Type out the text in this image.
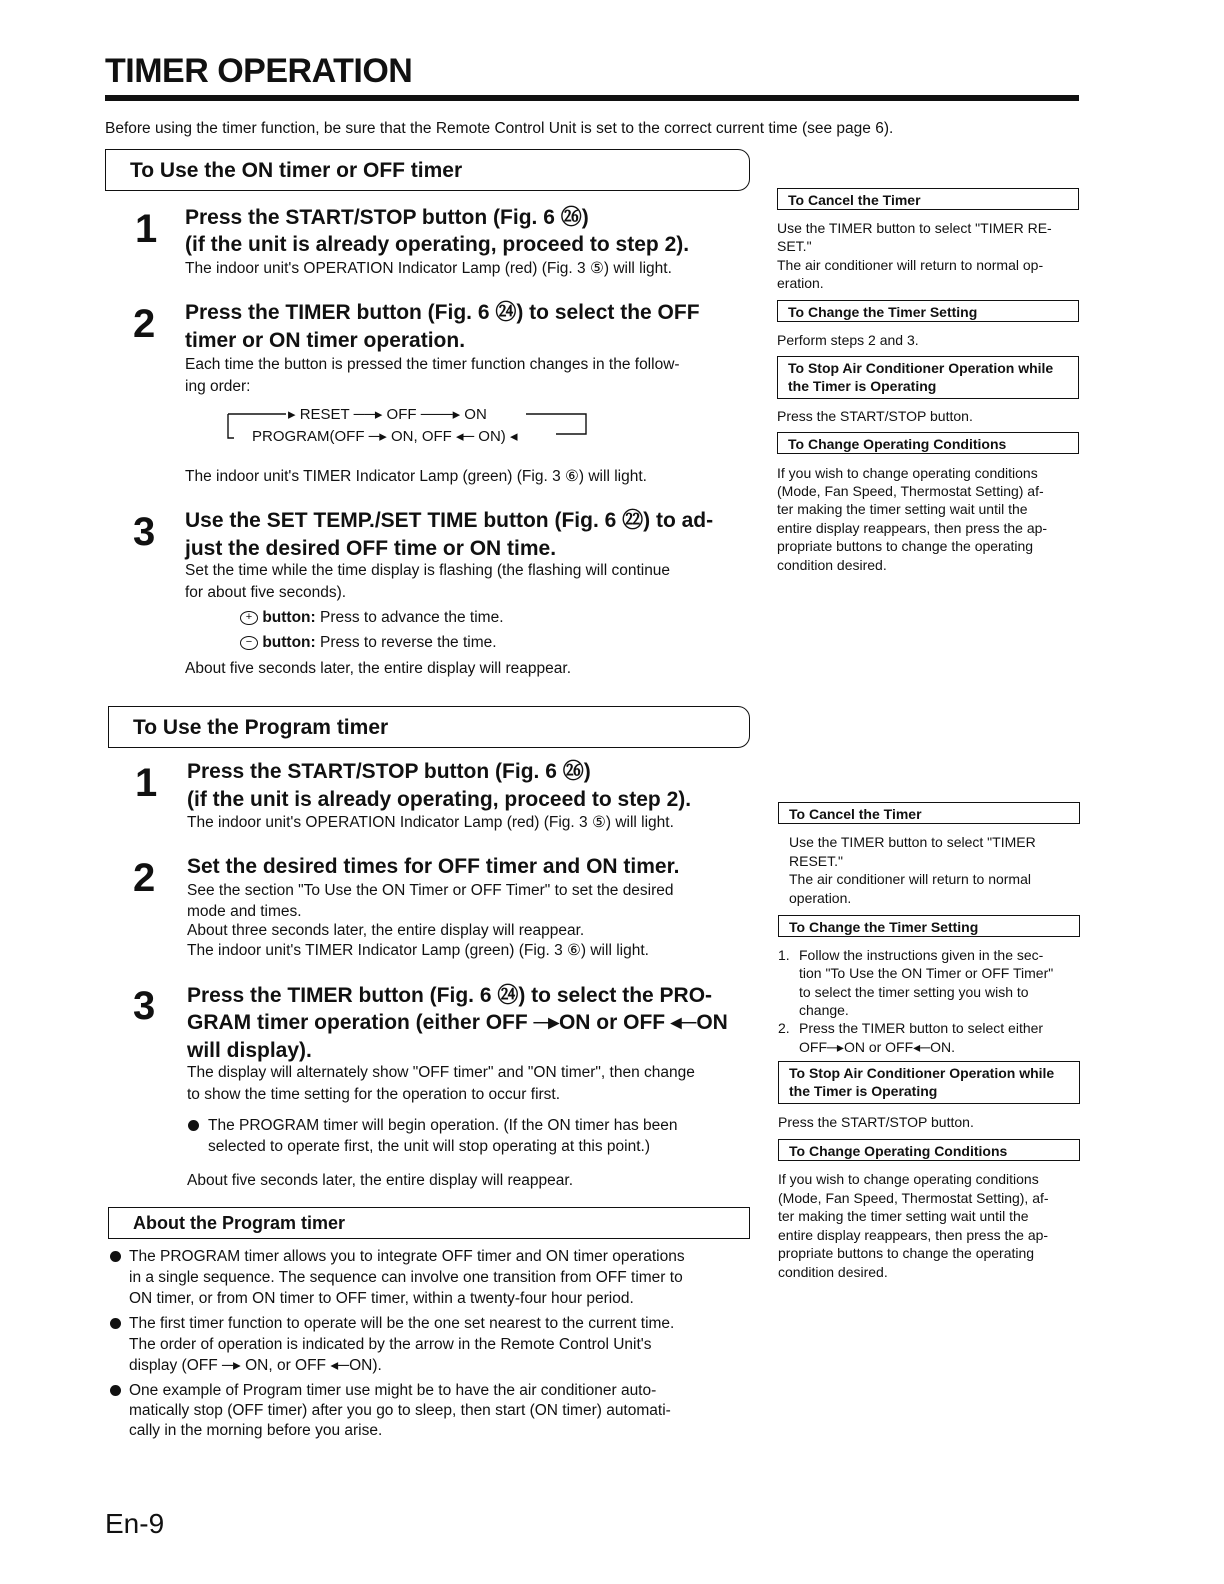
TIMER OPERATION
Before using the timer function, be sure that the Remote Control Unit is set to the correct current time (see page 6).
To Use the ON timer or OFF timer
1 Press the START/STOP button (Fig. 6 ㉖)
(if the unit is already operating, proceed to step 2).
The indoor unit's OPERATION Indicator Lamp (red) (Fig. 3 ⑤) will light.
2 Press the TIMER button (Fig. 6 ㉔) to select the OFF
timer or ON timer operation.
Each time the button is pressed the timer function changes in the follow-
ing order:
▸ RESET ──▸ OFF ───▸ ON
PROGRAM(OFF ─▸ ON, OFF ◂─ ON) ◂
The indoor unit's TIMER Indicator Lamp (green) (Fig. 3 ⑥) will light.
3 Use the SET TEMP./SET TIME button (Fig. 6 ㉒) to ad-
just the desired OFF time or ON time.
Set the time while the time display is flashing (the flashing will continue
for about five seconds).
+ button: Press to advance the time.
− button: Press to reverse the time.
About five seconds later, the entire display will reappear.
To Cancel the Timer
Use the TIMER button to select "TIMER RE-
SET."
The air conditioner will return to normal op-
eration.
To Change the Timer Setting
Perform steps 2 and 3.
To Stop Air Conditioner Operation while
the Timer is Operating
Press the START/STOP button.
To Change Operating Conditions
If you wish to change operating conditions
(Mode, Fan Speed, Thermostat Setting) af-
ter making the timer setting wait until the
entire display reappears, then press the ap-
propriate buttons to change the operating
condition desired.
To Use the Program timer
1 Press the START/STOP button (Fig. 6 ㉖)
(if the unit is already operating, proceed to step 2).
The indoor unit's OPERATION Indicator Lamp (red) (Fig. 3 ⑤) will light.
2 Set the desired times for OFF timer and ON timer.
See the section "To Use the ON Timer or OFF Timer" to set the desired
mode and times.
About three seconds later, the entire display will reappear.
The indoor unit's TIMER Indicator Lamp (green) (Fig. 3 ⑥) will light.
3 Press the TIMER button (Fig. 6 ㉔) to select the PRO-
GRAM timer operation (either OFF ─▸ON or OFF ◂─ON
will display).
The display will alternately show "OFF timer" and "ON timer", then change
to show the time setting for the operation to occur first.
The PROGRAM timer will begin operation. (If the ON timer has been
selected to operate first, the unit will stop operating at this point.)
About five seconds later, the entire display will reappear.
About the Program timer
The PROGRAM timer allows you to integrate OFF timer and ON timer operations
in a single sequence. The sequence can involve one transition from OFF timer to
ON timer, or from ON timer to OFF timer, within a twenty-four hour period.
The first timer function to operate will be the one set nearest to the current time.
The order of operation is indicated by the arrow in the Remote Control Unit's
display (OFF ─▸ ON, or OFF ◂─ON).
One example of Program timer use might be to have the air conditioner auto-
matically stop (OFF timer) after you go to sleep, then start (ON timer) automati-
cally in the morning before you arise.
To Cancel the Timer
Use the TIMER button to select "TIMER
RESET."
The air conditioner will return to normal
operation.
To Change the Timer Setting
1. Follow the instructions given in the sec-
tion "To Use the ON Timer or OFF Timer"
to select the timer setting you wish to
change.
2. Press the TIMER button to select either
OFF─▸ON or OFF◂─ON.
To Stop Air Conditioner Operation while
the Timer is Operating
Press the START/STOP button.
To Change Operating Conditions
If you wish to change operating conditions
(Mode, Fan Speed, Thermostat Setting), af-
ter making the timer setting wait until the
entire display reappears, then press the ap-
propriate buttons to change the operating
condition desired.
En-9
